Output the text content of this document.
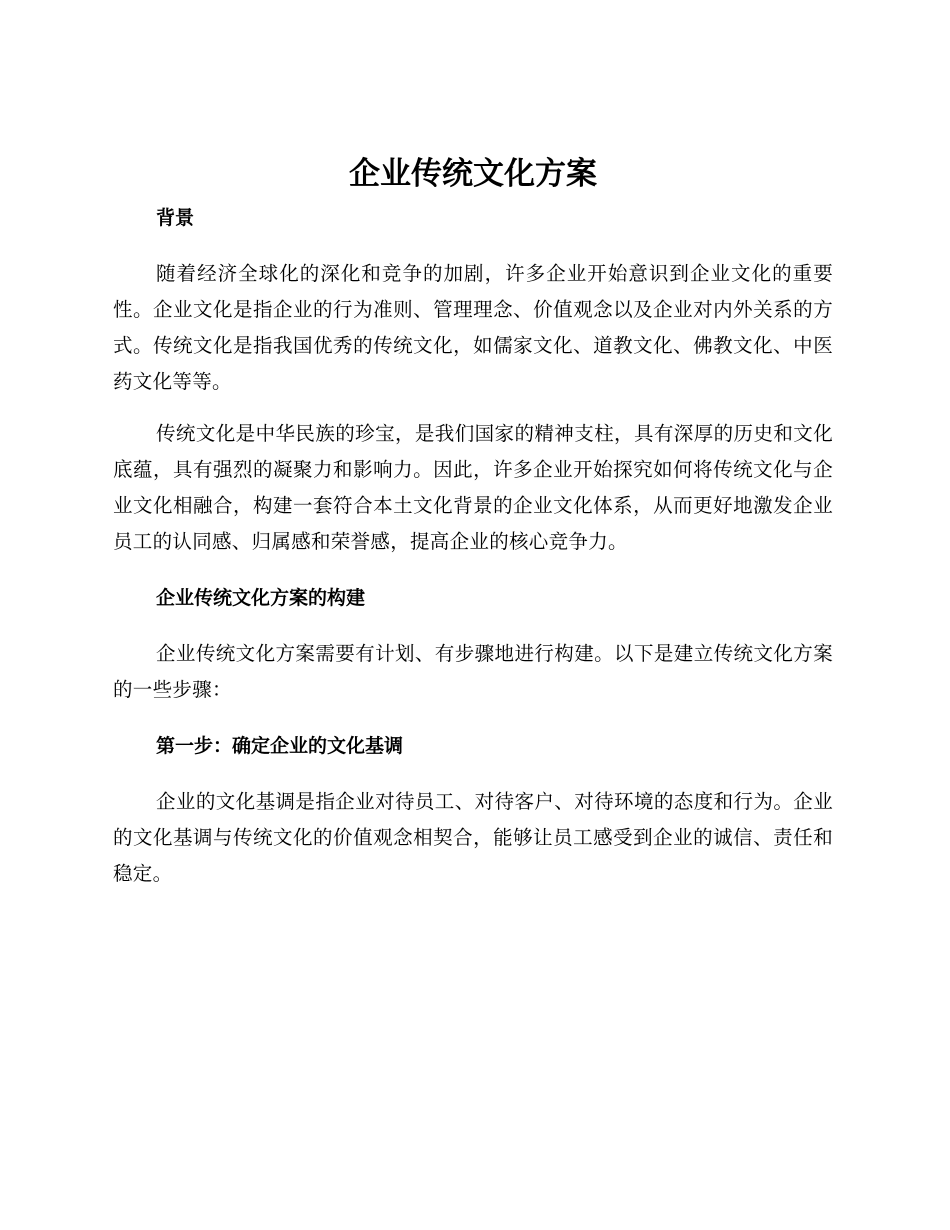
企业传统文化方案
背景

随着经济全球化的深化和竞争的加剧，许多企业开始意识到企业文化的重要性。企业文化是指企业的行为准则、管理理念、价值观念以及企业对内外关系的方式。传统文化是指我国优秀的传统文化，如儒家文化、道教文化、佛教文化、中医药文化等等。

传统文化是中华民族的珍宝，是我们国家的精神支柱，具有深厚的历史和文化底蕴，具有强烈的凝聚力和影响力。因此，许多企业开始探究如何将传统文化与企业文化相融合，构建一套符合本土文化背景的企业文化体系，从而更好地激发企业员工的认同感、归属感和荣誉感，提高企业的核心竞争力。

企业传统文化方案的构建

企业传统文化方案需要有计划、有步骤地进行构建。以下是建立传统文化方案的一些步骤：

第一步：确定企业的文化基调

企业的文化基调是指企业对待员工、对待客户、对待环境的态度和行为。企业的文化基调与传统文化的价值观念相契合，能够让员工感受到企业的诚信、责任和稳定。
